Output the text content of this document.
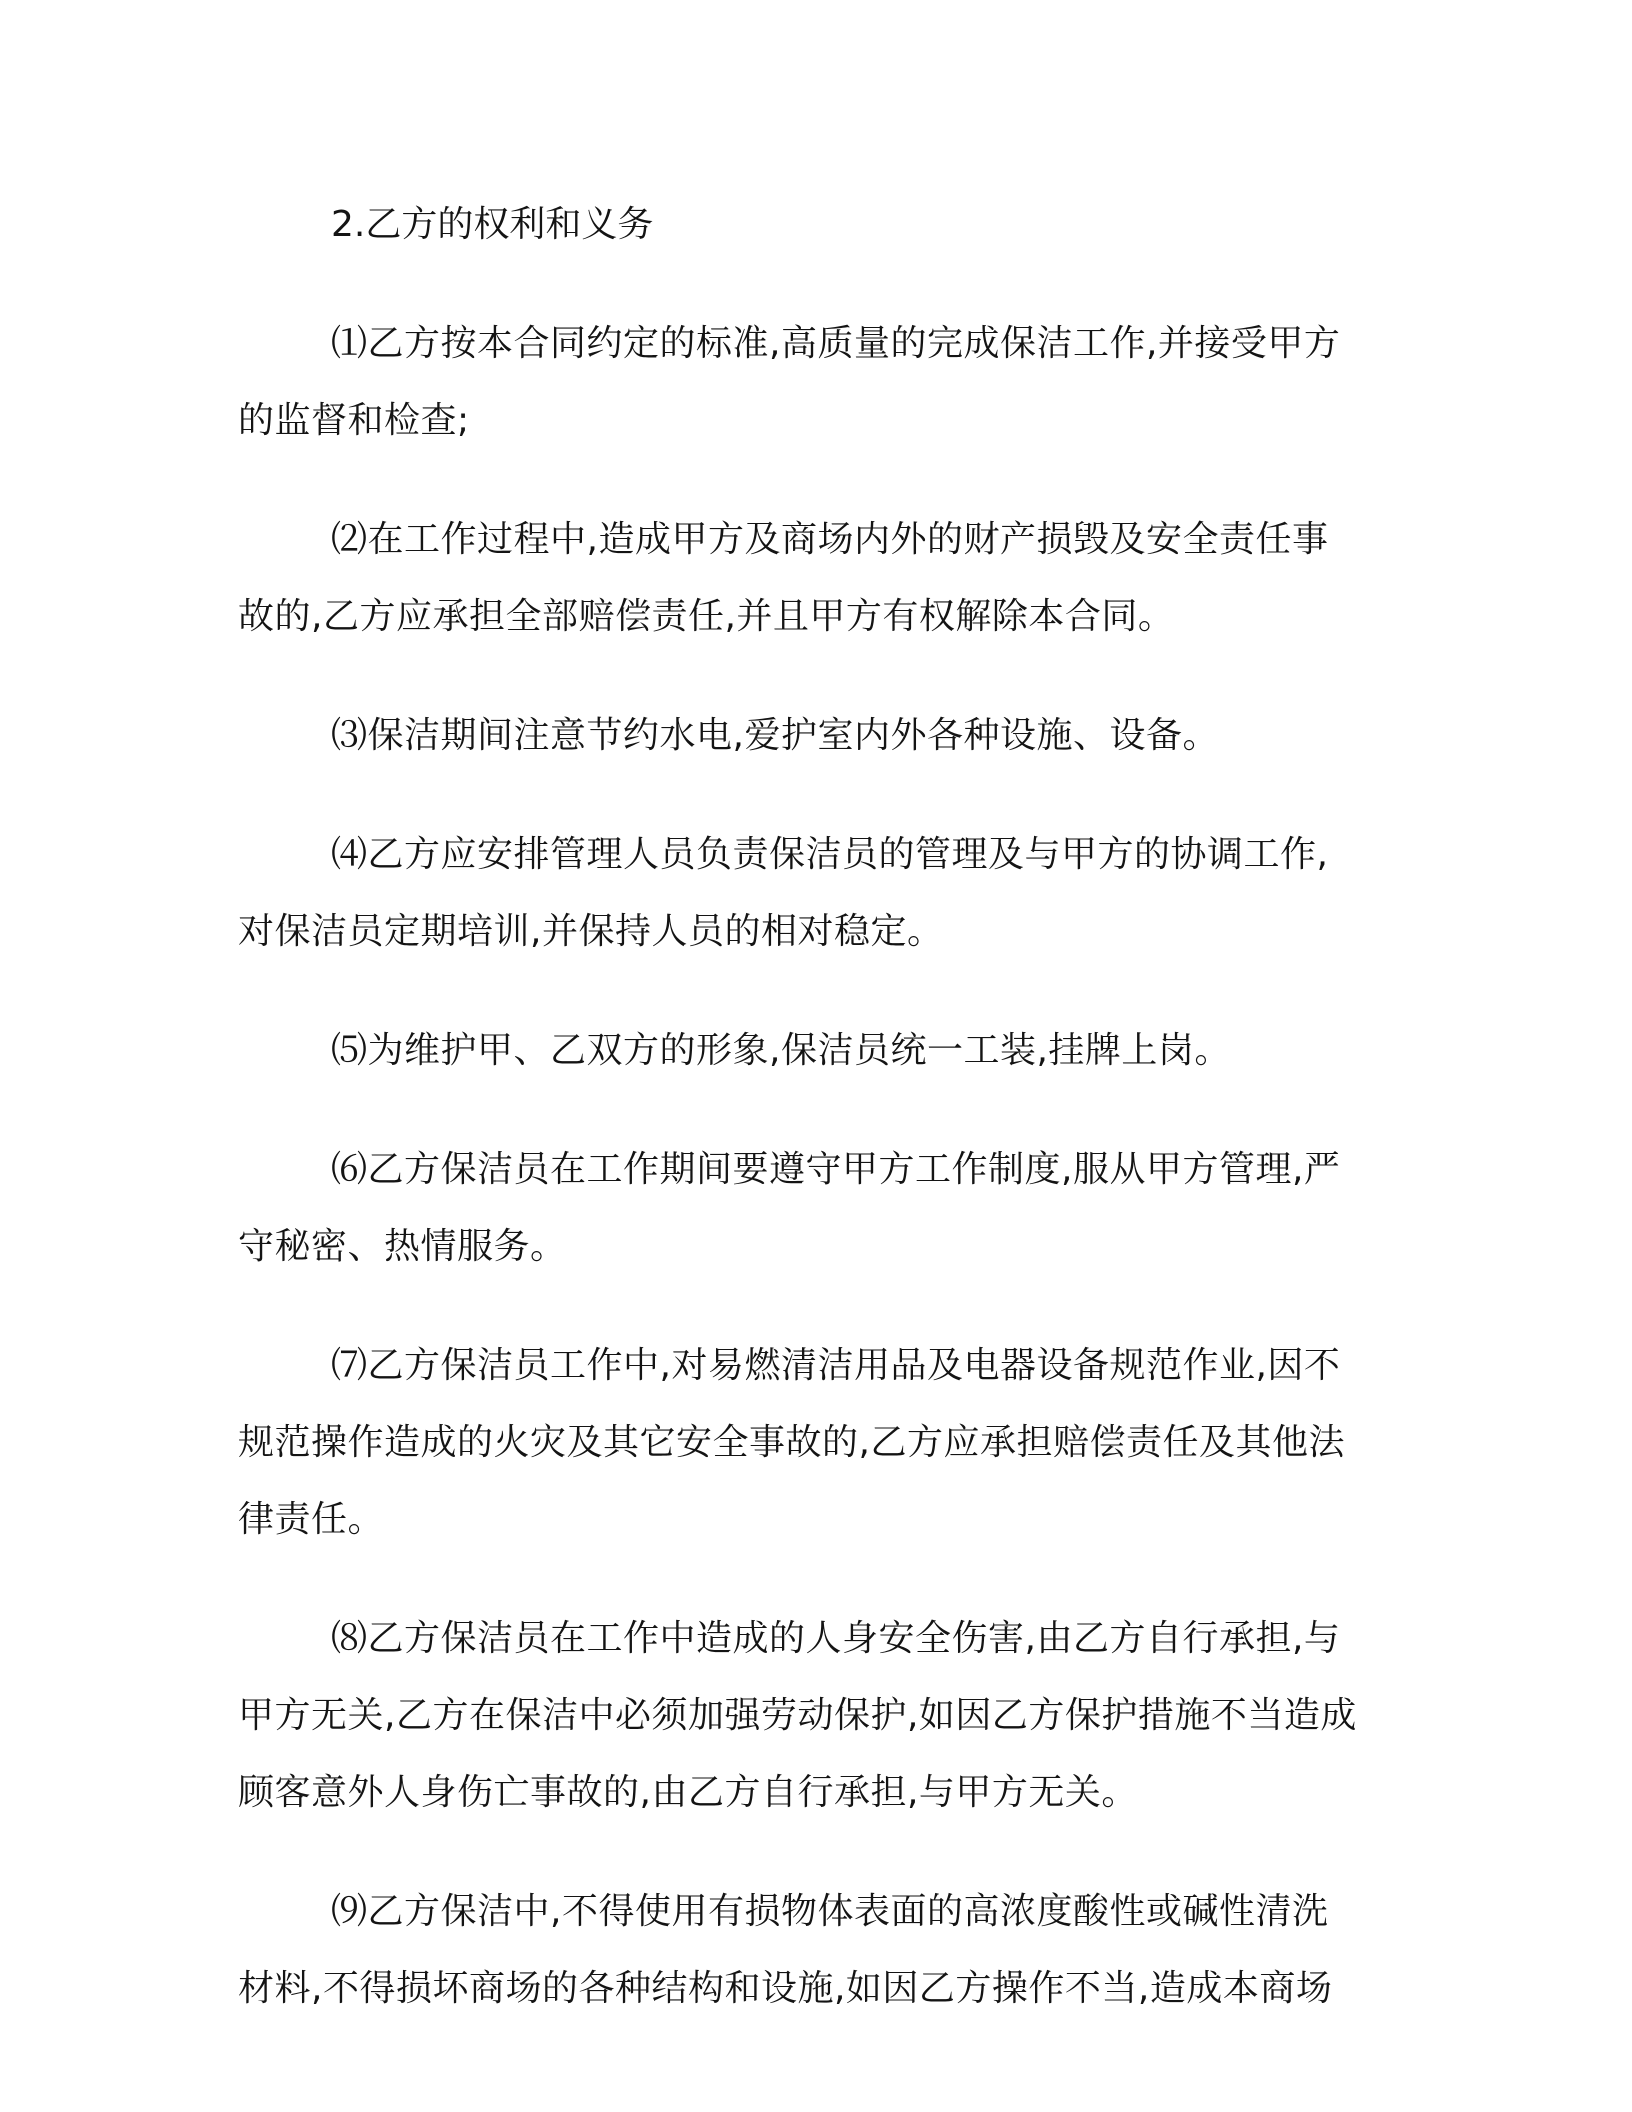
2.乙方的权利和义务

⑴乙方按本合同约定的标准,高质量的完成保洁工作,并接受甲方
的监督和检查;

⑵在工作过程中,造成甲方及商场内外的财产损毁及安全责任事
故的,乙方应承担全部赔偿责任,并且甲方有权解除本合同。

⑶保洁期间注意节约水电,爱护室内外各种设施、设备。

⑷乙方应安排管理人员负责保洁员的管理及与甲方的协调工作,
对保洁员定期培训,并保持人员的相对稳定。

⑸为维护甲、乙双方的形象,保洁员统一工装,挂牌上岗。

⑹乙方保洁员在工作期间要遵守甲方工作制度,服从甲方管理,严
守秘密、热情服务。

⑺乙方保洁员工作中,对易燃清洁用品及电器设备规范作业,因不
规范操作造成的火灾及其它安全事故的,乙方应承担赔偿责任及其他法
律责任。

⑻乙方保洁员在工作中造成的人身安全伤害,由乙方自行承担,与
甲方无关,乙方在保洁中必须加强劳动保护,如因乙方保护措施不当造成
顾客意外人身伤亡事故的,由乙方自行承担,与甲方无关。

⑼乙方保洁中,不得使用有损物体表面的高浓度酸性或碱性清洗
材料,不得损坏商场的各种结构和设施,如因乙方操作不当,造成本商场
